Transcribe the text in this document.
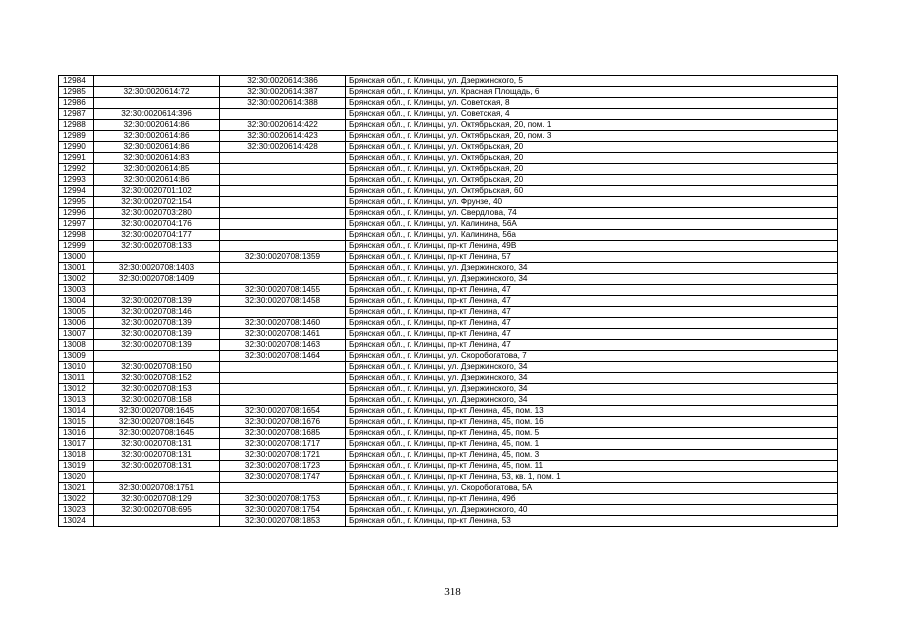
12984		32:30:0020614:386	Брянская обл., г. Клинцы, ул. Дзержинского, 5
12985	32:30:0020614:72	32:30:0020614:387	Брянская обл., г. Клинцы, ул. Красная Площадь, 6
12986		32:30:0020614:388	Брянская обл., г. Клинцы, ул. Советская, 8
12987	32:30:0020614:396		Брянская обл., г. Клинцы, ул. Советская, 4
12988	32:30:0020614:86	32:30:0020614:422	Брянская обл., г. Клинцы, ул. Октябрьская, 20, пом. 1
12989	32:30:0020614:86	32:30:0020614:423	Брянская обл., г. Клинцы, ул. Октябрьская, 20, пом. 3
12990	32:30:0020614:86	32:30:0020614:428	Брянская обл., г. Клинцы, ул. Октябрьская, 20
12991	32:30:0020614:83		Брянская обл., г. Клинцы, ул. Октябрьская, 20
12992	32:30:0020614:85		Брянская обл., г. Клинцы, ул. Октябрьская, 20
12993	32:30:0020614:86		Брянская обл., г. Клинцы, ул. Октябрьская, 20
12994	32:30:0020701:102		Брянская обл., г. Клинцы, ул. Октябрьская, 60
12995	32:30:0020702:154		Брянская обл., г. Клинцы, ул. Фрунзе, 40
12996	32:30:0020703:280		Брянская обл., г. Клинцы, ул. Свердлова, 74
12997	32:30:0020704:176		Брянская обл., г. Клинцы, ул. Калинина, 56А
12998	32:30:0020704:177		Брянская обл., г. Клинцы, ул. Калинина, 56а
12999	32:30:0020708:133		Брянская обл., г. Клинцы, пр-кт Ленина, 49В
13000		32:30:0020708:1359	Брянская обл., г. Клинцы, пр-кт Ленина, 57
13001	32:30:0020708:1403		Брянская обл., г. Клинцы, ул. Дзержинского, 34
13002	32:30:0020708:1409		Брянская обл., г. Клинцы, ул. Дзержинского, 34
13003		32:30:0020708:1455	Брянская обл., г. Клинцы, пр-кт Ленина, 47
13004	32:30:0020708:139	32:30:0020708:1458	Брянская обл., г. Клинцы, пр-кт Ленина, 47
13005	32:30:0020708:146		Брянская обл., г. Клинцы, пр-кт Ленина, 47
13006	32:30:0020708:139	32:30:0020708:1460	Брянская обл., г. Клинцы, пр-кт Ленина, 47
13007	32:30:0020708:139	32:30:0020708:1461	Брянская обл., г. Клинцы, пр-кт Ленина, 47
13008	32:30:0020708:139	32:30:0020708:1463	Брянская обл., г. Клинцы, пр-кт Ленина, 47
13009		32:30:0020708:1464	Брянская обл., г. Клинцы, ул. Скоробогатова, 7
13010	32:30:0020708:150		Брянская обл., г. Клинцы, ул. Дзержинского, 34
13011	32:30:0020708:152		Брянская обл., г. Клинцы, ул. Дзержинского, 34
13012	32:30:0020708:153		Брянская обл., г. Клинцы, ул. Дзержинского, 34
13013	32:30:0020708:158		Брянская обл., г. Клинцы, ул. Дзержинского, 34
13014	32:30:0020708:1645	32:30:0020708:1654	Брянская обл., г. Клинцы, пр-кт Ленина, 45, пом. 13
13015	32:30:0020708:1645	32:30:0020708:1676	Брянская обл., г. Клинцы, пр-кт Ленина, 45, пом. 16
13016	32:30:0020708:1645	32:30:0020708:1685	Брянская обл., г. Клинцы, пр-кт Ленина, 45, пом. 5
13017	32:30:0020708:131	32:30:0020708:1717	Брянская обл., г. Клинцы, пр-кт Ленина, 45, пом. 1
13018	32:30:0020708:131	32:30:0020708:1721	Брянская обл., г. Клинцы, пр-кт Ленина, 45, пом. 3
13019	32:30:0020708:131	32:30:0020708:1723	Брянская обл., г. Клинцы, пр-кт Ленина, 45, пом. 11
13020		32:30:0020708:1747	Брянская обл., г. Клинцы, пр-кт Ленина, 53, кв. 1, пом. 1
13021	32:30:0020708:1751		Брянская обл., г. Клинцы, ул. Скоробогатова, 5А
13022	32:30:0020708:129	32:30:0020708:1753	Брянская обл., г. Клинцы, пр-кт Ленина, 49б
13023	32:30:0020708:695	32:30:0020708:1754	Брянская обл., г. Клинцы, ул. Дзержинского, 40
13024		32:30:0020708:1853	Брянская обл., г. Клинцы, пр-кт Ленина, 53
318
